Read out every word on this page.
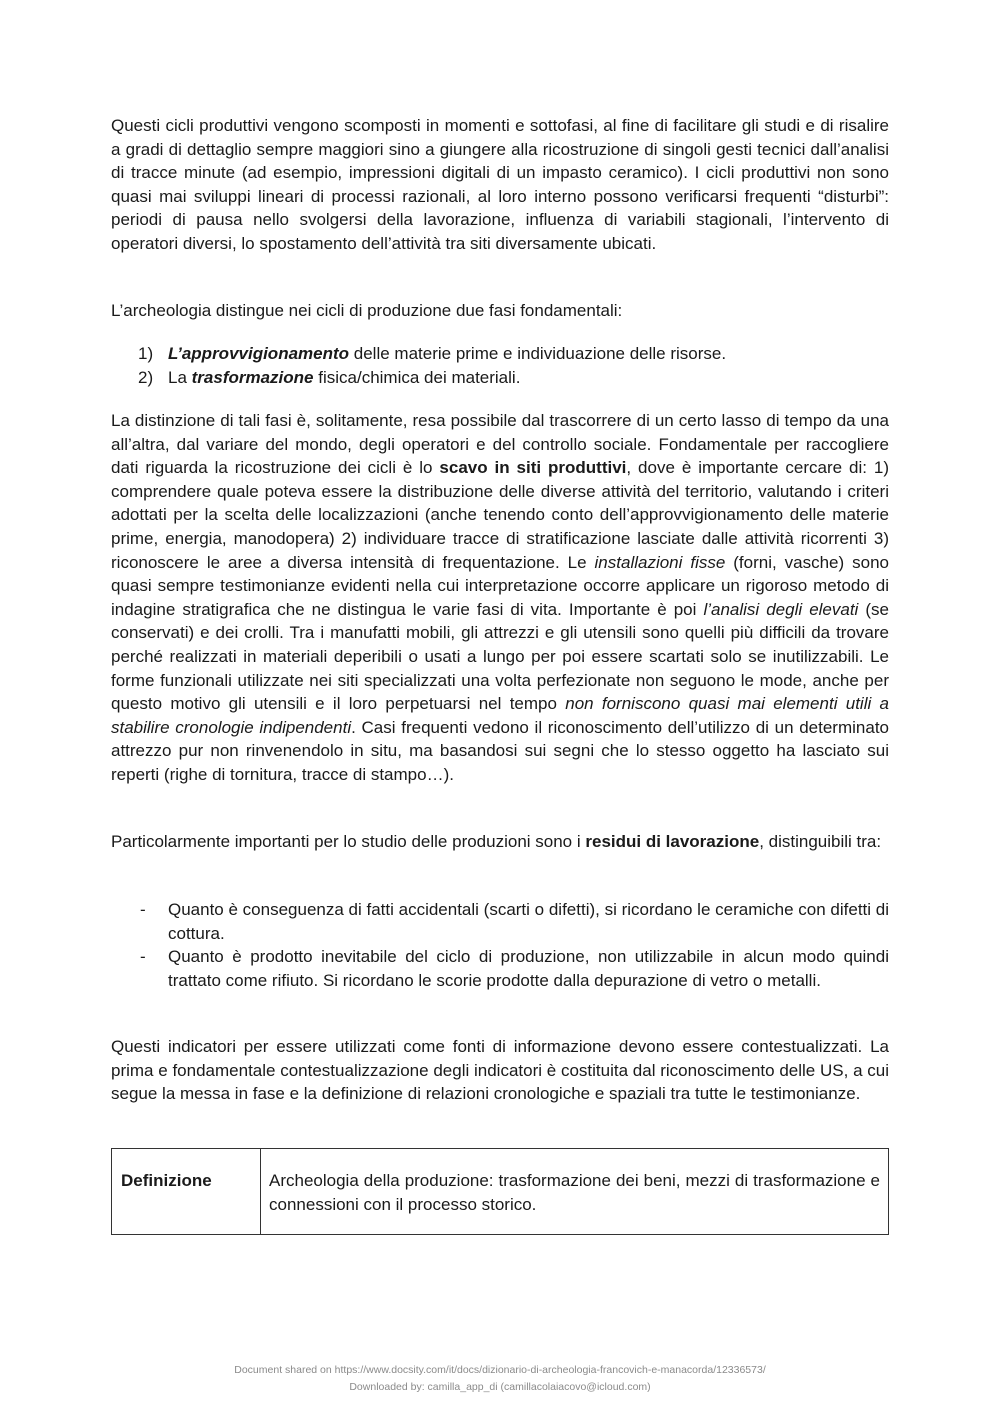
Questi cicli produttivi vengono scomposti in momenti e sottofasi, al fine di facilitare gli studi e di risalire a gradi di dettaglio sempre maggiori sino a giungere alla ricostruzione di singoli gesti tecnici dall’analisi di tracce minute (ad esempio, impressioni digitali di un impasto ceramico). I cicli produttivi non sono quasi mai sviluppi lineari di processi razionali, al loro interno possono verificarsi frequenti “disturbi”: periodi di pausa nello svolgersi della lavorazione, influenza di variabili stagionali, l’intervento di operatori diversi, lo spostamento dell’attività tra siti diversamente ubicati.

L’archeologia distingue nei cicli di produzione due fasi fondamentali:

1) L’approvvigionamento delle materie prime e individuazione delle risorse.
2) La trasformazione fisica/chimica dei materiali.

La distinzione di tali fasi è, solitamente, resa possibile dal trascorrere di un certo lasso di tempo da una all’altra, dal variare del mondo, degli operatori e del controllo sociale. Fondamentale per raccogliere dati riguarda la ricostruzione dei cicli è lo scavo in siti produttivi, dove è importante cercare di: 1) comprendere quale poteva essere la distribuzione delle diverse attività del territorio, valutando i criteri adottati per la scelta delle localizzazioni (anche tenendo conto dell’approvvigionamento delle materie prime, energia, manodopera) 2) individuare tracce di stratificazione lasciate dalle attività ricorrenti 3) riconoscere le aree a diversa intensità di frequentazione. Le installazioni fisse (forni, vasche) sono quasi sempre testimonianze evidenti nella cui interpretazione occorre applicare un rigoroso metodo di indagine stratigrafica che ne distingua le varie fasi di vita. Importante è poi l’analisi degli elevati (se conservati) e dei crolli. Tra i manufatti mobili, gli attrezzi e gli utensili sono quelli più difficili da trovare perché realizzati in materiali deperibili o usati a lungo per poi essere scartati solo se inutilizzabili. Le forme funzionali utilizzate nei siti specializzati una volta perfezionate non seguono le mode, anche per questo motivo gli utensili e il loro perpetuarsi nel tempo non forniscono quasi mai elementi utili a stabilire cronologie indipendenti. Casi frequenti vedono il riconoscimento dell’utilizzo di un determinato attrezzo pur non rinvenendolo in situ, ma basandosi sui segni che lo stesso oggetto ha lasciato sui reperti (righe di tornitura, tracce di stampo…).

Particolarmente importanti per lo studio delle produzioni sono i residui di lavorazione, distinguibili tra:

- Quanto è conseguenza di fatti accidentali (scarti o difetti), si ricordano le ceramiche con difetti di cottura.
- Quanto è prodotto inevitabile del ciclo di produzione, non utilizzabile in alcun modo quindi trattato come rifiuto. Si ricordano le scorie prodotte dalla depurazione di vetro o metalli.

Questi indicatori per essere utilizzati come fonti di informazione devono essere contestualizzati. La prima e fondamentale contestualizzazione degli indicatori è costituita dal riconoscimento delle US, a cui segue la messa in fase e la definizione di relazioni cronologiche e spaziali tra tutte le testimonianze.

Definizione	Archeologia della produzione: trasformazione dei beni, mezzi di trasformazione e connessioni con il processo storico.
Document shared on https://www.docsity.com/it/docs/dizionario-di-archeologia-francovich-e-manacorda/12336573/
Downloaded by: camilla_app_di (camillacolaiacovo@icloud.com)
